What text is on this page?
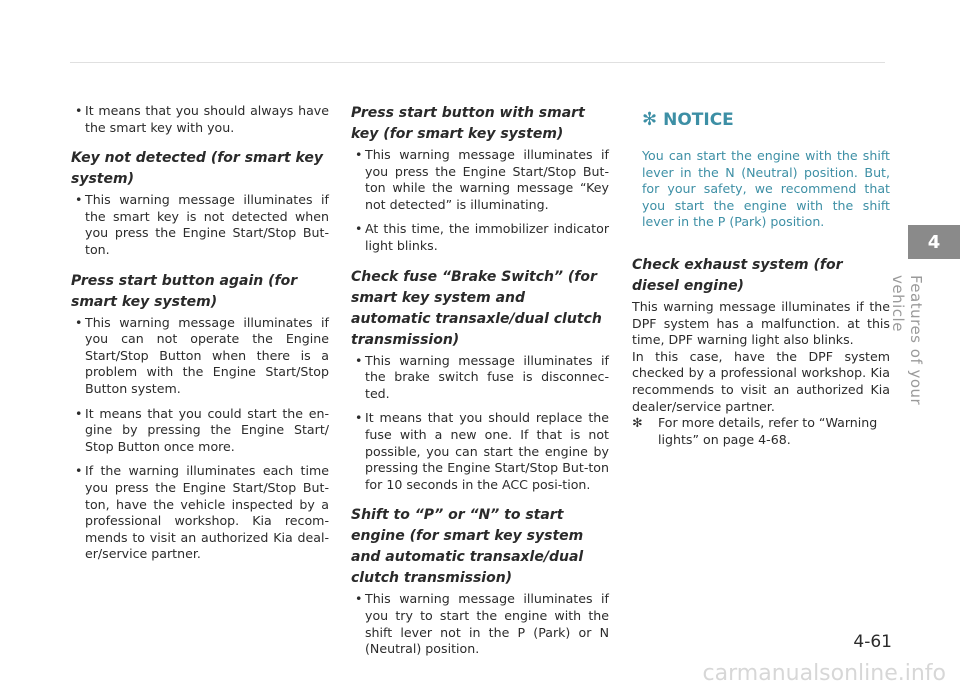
• It means that you should always have the smart key with you.

Key not detected (for smart key system)

• This warning message illuminates if the smart key is not detected when you press the Engine Start/Stop But-ton.

Press start button again (for smart key system)

• This warning message illuminates if you can not operate the Engine Start/Stop Button when there is a problem with the Engine Start/Stop Button system.

• It means that you could start the en-gine by pressing the Engine Start/ Stop Button once more.

• If the warning illuminates each time you press the Engine Start/Stop But-ton, have the vehicle inspected by a professional workshop. Kia recom-mends to visit an authorized Kia deal-er/service partner.

Press start button with smart key (for smart key system)

• This warning message illuminates if you press the Engine Start/Stop But-ton while the warning message “Key not detected” is illuminating.

• At this time, the immobilizer indicator light blinks.

Check fuse “Brake Switch” (for smart key system and automatic transaxle/dual clutch transmission)

• This warning message illuminates if the brake switch fuse is disconnec-ted.

• It means that you should replace the fuse with a new one. If that is not possible, you can start the engine by pressing the Engine Start/Stop But-ton for 10 seconds in the ACC posi-tion.

Shift to “P” or “N” to start engine (for smart key system and automatic transaxle/dual clutch transmission)

• This warning message illuminates if you try to start the engine with the shift lever not in the P (Park) or N (Neutral) position.

✻ NOTICE

You can start the engine with the shift lever in the N (Neutral) position. But, for your safety, we recommend that you start the engine with the shift lever in the P (Park) position.

Check exhaust system (for diesel engine)

This warning message illuminates if the DPF system has a malfunction. at this time, DPF warning light also blinks.

In this case, have the DPF system checked by a professional workshop. Kia recommends to visit an authorized Kia dealer/service partner.

✻	For more details, refer to “Warning lights” on page 4-68.
4
Features of your vehicle
4-61
carmanualsonline.info
